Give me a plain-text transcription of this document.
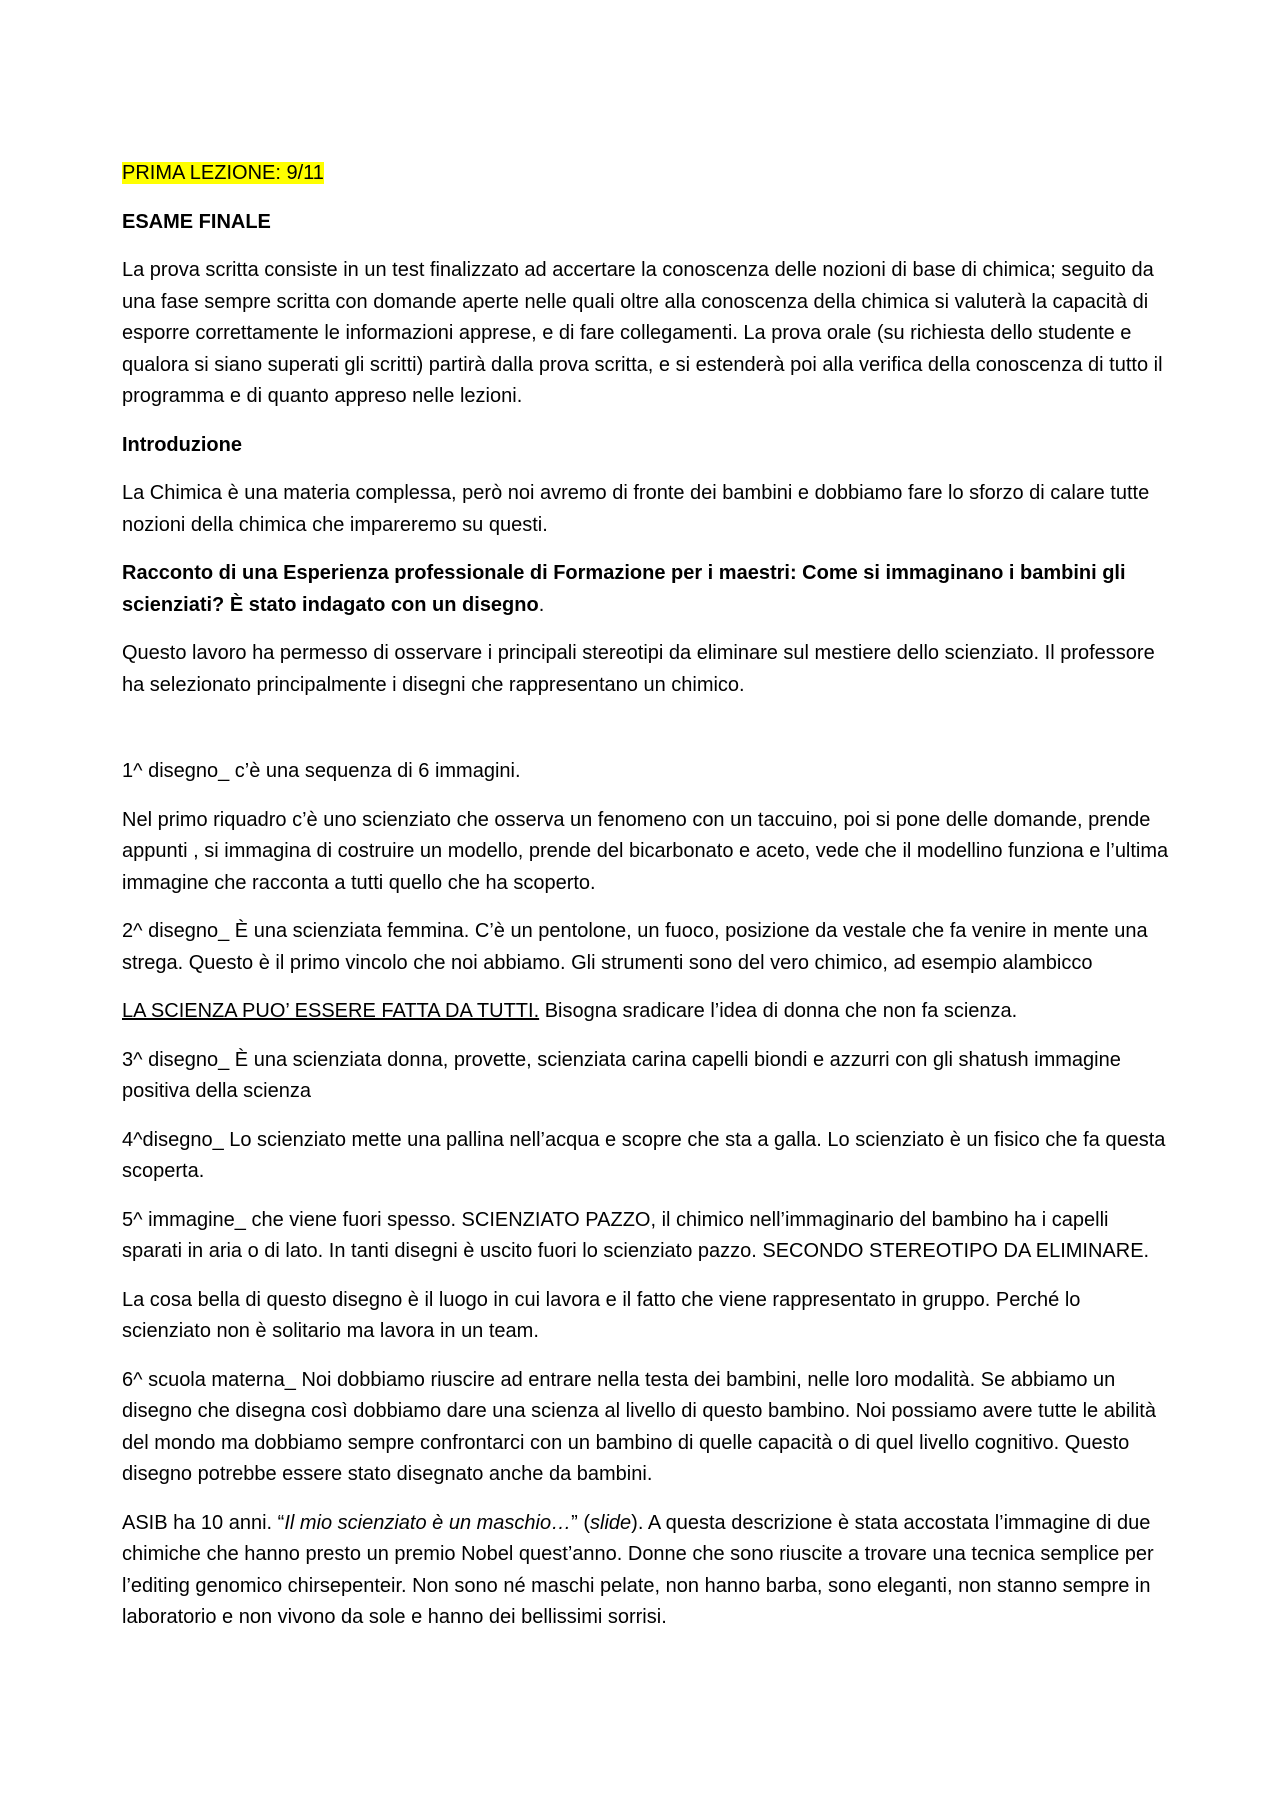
PRIMA LEZIONE: 9/11

ESAME FINALE

La prova scritta consiste in un test finalizzato ad accertare la conoscenza delle nozioni di base di chimica; seguito da una fase sempre scritta con domande aperte nelle quali oltre alla conoscenza della chimica si valuterà la capacità di esporre correttamente le informazioni apprese, e di fare collegamenti. La prova orale (su richiesta dello studente e qualora si siano superati gli scritti) partirà dalla prova scritta, e si estenderà poi alla verifica della conoscenza di tutto il programma e di quanto appreso nelle lezioni.

Introduzione

La Chimica è una materia complessa, però noi avremo di fronte dei bambini e dobbiamo fare lo sforzo di calare tutte nozioni della chimica che impareremo su questi.

Racconto di una Esperienza professionale di Formazione per i maestri: Come si immaginano i bambini gli scienziati? È stato indagato con un disegno.

Questo lavoro ha permesso di osservare i principali stereotipi da eliminare sul mestiere dello scienziato. Il professore ha selezionato principalmente i disegni che rappresentano un chimico.

1^ disegno_ c’è una sequenza di 6 immagini.

Nel primo riquadro c’è uno scienziato che osserva un fenomeno con un taccuino, poi si pone delle domande, prende appunti , si immagina di costruire un modello, prende del bicarbonato e aceto, vede che il modellino funziona e l’ultima immagine che racconta a tutti quello che ha scoperto.

2^ disegno_ È una scienziata femmina. C’è un pentolone, un fuoco, posizione da vestale che fa venire in mente una strega. Questo è il primo vincolo che noi abbiamo. Gli strumenti sono del vero chimico, ad esempio alambicco

LA SCIENZA PUO’ ESSERE FATTA DA TUTTI. Bisogna sradicare l’idea di donna che non fa scienza.

3^ disegno_ È una scienziata donna, provette, scienziata carina capelli biondi e azzurri con gli shatush immagine positiva della scienza

4^disegno_ Lo scienziato mette una pallina nell’acqua e scopre che sta a galla. Lo scienziato è un fisico che fa questa scoperta.

5^ immagine_ che viene fuori spesso. SCIENZIATO PAZZO, il chimico nell’immaginario del bambino ha i capelli sparati in aria o di lato. In tanti disegni è uscito fuori lo scienziato pazzo. SECONDO STEREOTIPO DA ELIMINARE.

La cosa bella di questo disegno è il luogo in cui lavora e il fatto che viene rappresentato in gruppo. Perché lo scienziato non è solitario ma lavora in un team.

6^ scuola materna_ Noi dobbiamo riuscire ad entrare nella testa dei bambini, nelle loro modalità. Se abbiamo un disegno che disegna così dobbiamo dare una scienza al livello di questo bambino. Noi possiamo avere tutte le abilità del mondo ma dobbiamo sempre confrontarci con un bambino di quelle capacità o di quel livello cognitivo. Questo disegno potrebbe essere stato disegnato anche da bambini.

ASIB ha 10 anni. “Il mio scienziato è un maschio…” (slide). A questa descrizione è stata accostata l’immagine di due chimiche che hanno presto un premio Nobel quest’anno. Donne che sono riuscite a trovare una tecnica semplice per l’editing genomico chirsepenteir. Non sono né maschi pelate, non hanno barba, sono eleganti, non stanno sempre in laboratorio e non vivono da sole e hanno dei bellissimi sorrisi.
